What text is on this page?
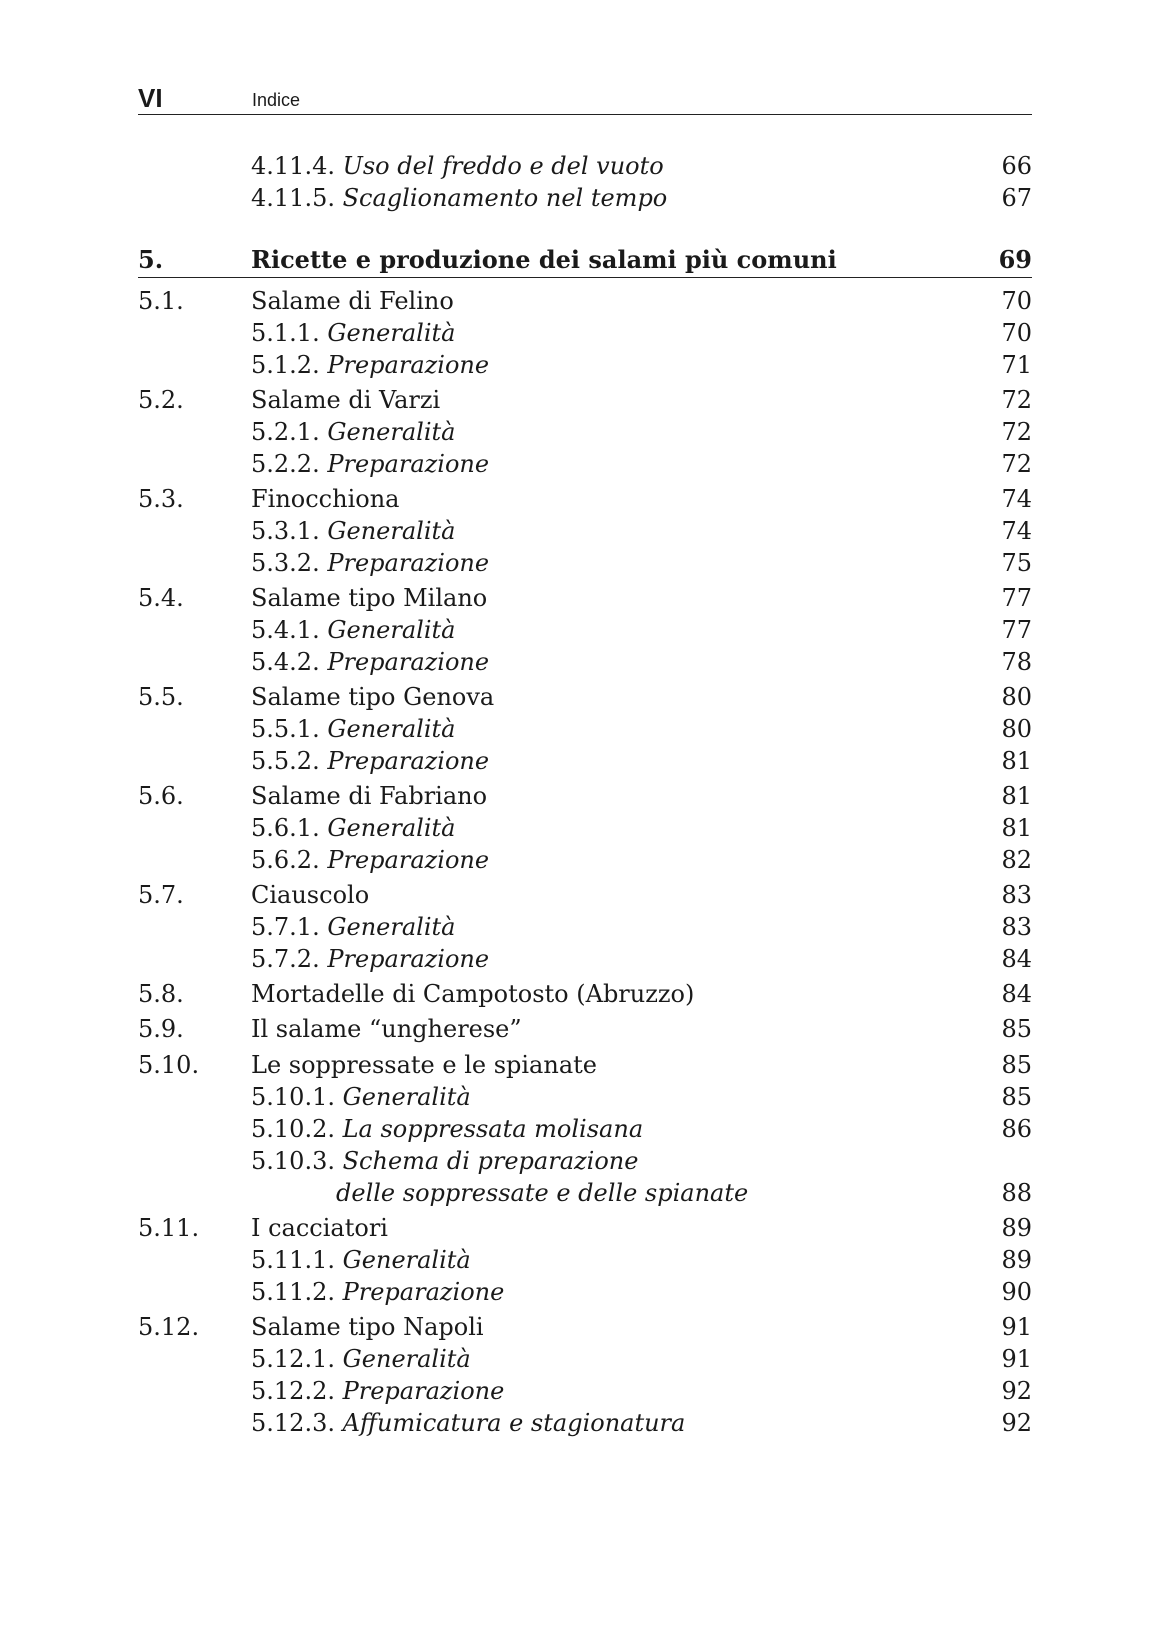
VI	Indice
4.11.4. Uso del freddo e del vuoto	66
4.11.5. Scaglionamento nel tempo	67
5.	Ricette e produzione dei salami più comuni	69
5.1.	Salame di Felino	70
5.1.1. Generalità	70
5.1.2. Preparazione	71
5.2.	Salame di Varzi	72
5.2.1. Generalità	72
5.2.2. Preparazione	72
5.3.	Finocchiona	74
5.3.1. Generalità	74
5.3.2. Preparazione	75
5.4.	Salame tipo Milano	77
5.4.1. Generalità	77
5.4.2. Preparazione	78
5.5.	Salame tipo Genova	80
5.5.1. Generalità	80
5.5.2. Preparazione	81
5.6.	Salame di Fabriano	81
5.6.1. Generalità	81
5.6.2. Preparazione	82
5.7.	Ciauscolo	83
5.7.1. Generalità	83
5.7.2. Preparazione	84
5.8.	Mortadelle di Campotosto (Abruzzo)	84
5.9.	Il salame “ungherese”	85
5.10. Le soppressate e le spianate	85
5.10.1. Generalità	85
5.10.2. La soppressata molisana	86
5.10.3. Schema di preparazione
delle soppressate e delle spianate	88
5.11. I cacciatori	89
5.11.1. Generalità	89
5.11.2. Preparazione	90
5.12. Salame tipo Napoli	91
5.12.1. Generalità	91
5.12.2. Preparazione	92
5.12.3. Affumicatura e stagionatura	92
